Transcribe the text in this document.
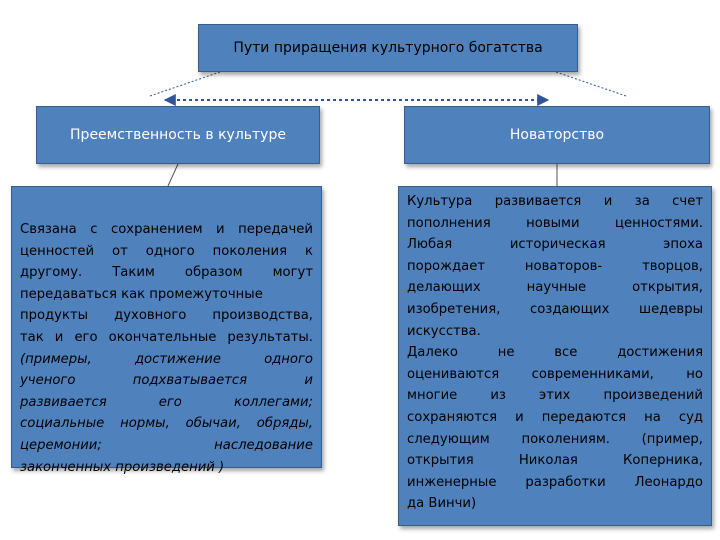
Пути приращения культурного богатства
Преемственность в культуре	Новаторство
Связана с сохранением и передачей
ценностей от одного поколения к
другому. Таким образом могут
передаваться как промежуточные
продукты духовного производства,
так и его окончательные результаты.
(примеры, достижение одного
ученого подхватывается и
развивается его коллегами;
социальные нормы, обычаи, обряды,
церемонии; наследование
законченных произведений )
Культура развивается и за счет
пополнения новыми ценностями.
Любая историческая эпоха
порождает новаторов- творцов,
делающих научные открытия,
изобретения, создающих шедевры
искусства.
Далеко не все достижения
оцениваются современниками, но
многие из этих произведений
сохраняются и передаются на суд
следующим поколениям. (пример,
открытия Николая Коперника,
инженерные разработки Леонардо
да Винчи)
